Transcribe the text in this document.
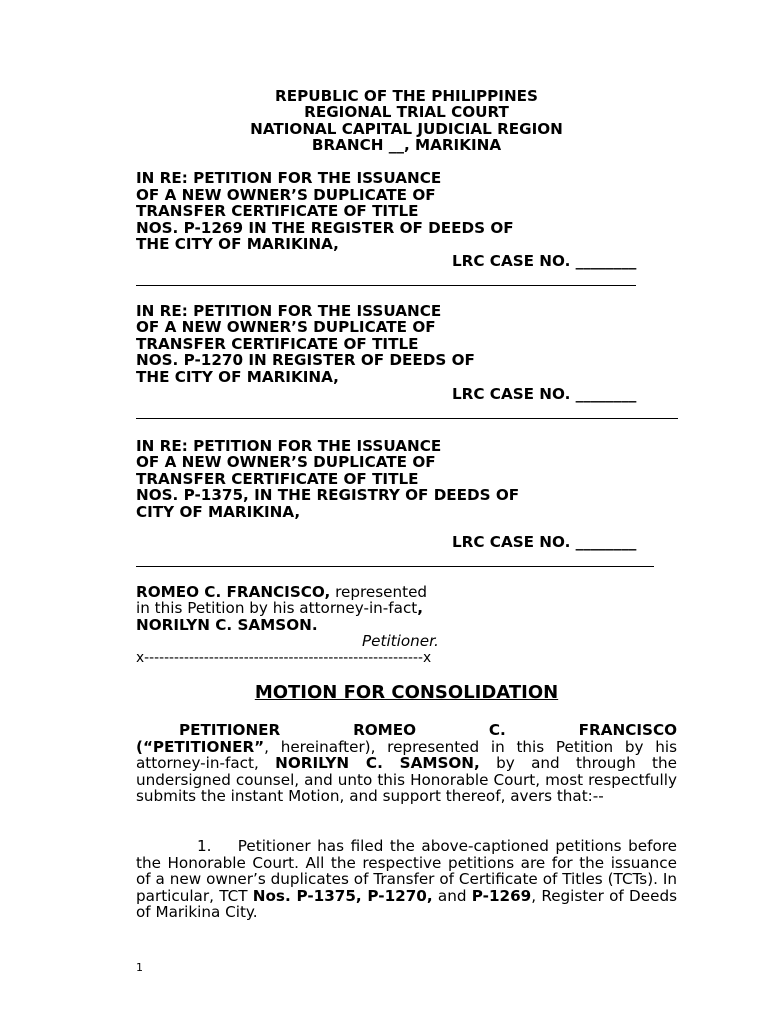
REPUBLIC OF THE PHILIPPINES
REGIONAL TRIAL COURT
NATIONAL CAPITAL JUDICIAL REGION
BRANCH __, MARIKINA
IN RE: PETITION FOR THE ISSUANCE
OF A NEW OWNER’S DUPLICATE OF
TRANSFER CERTIFICATE OF TITLE
NOS. P-1269 IN THE REGISTER OF DEEDS OF
THE CITY OF MARIKINA,
LRC CASE NO. ________
IN RE: PETITION FOR THE ISSUANCE
OF A NEW OWNER’S DUPLICATE OF
TRANSFER CERTIFICATE OF TITLE
NOS. P-1270 IN REGISTER OF DEEDS OF
THE CITY OF MARIKINA,
LRC CASE NO. ________
IN RE: PETITION FOR THE ISSUANCE
OF A NEW OWNER’S DUPLICATE OF
TRANSFER CERTIFICATE OF TITLE
NOS. P-1375, IN THE REGISTRY OF DEEDS OF
CITY OF MARIKINA,
LRC CASE NO. ________
ROMEO C. FRANCISCO, represented
in this Petition by his attorney-in-fact,
NORILYN C. SAMSON.
Petitioner.
x--------------------------------------------------------x
MOTION FOR CONSOLIDATION
PETITIONER ROMEO C. FRANCISCO (“PETITIONER”, hereinafter), represented in this Petition by his attorney-in-fact, NORILYN C. SAMSON, by and through the undersigned counsel, and unto this Honorable Court, most respectfully submits the instant Motion, and support thereof, avers that:--
1. Petitioner has filed the above-captioned petitions before the Honorable Court. All the respective petitions are for the issuance of a new owner’s duplicates of Transfer of Certificate of Titles (TCTs). In particular, TCT Nos. P-1375, P-1270, and P-1269, Register of Deeds of Marikina City.
1
